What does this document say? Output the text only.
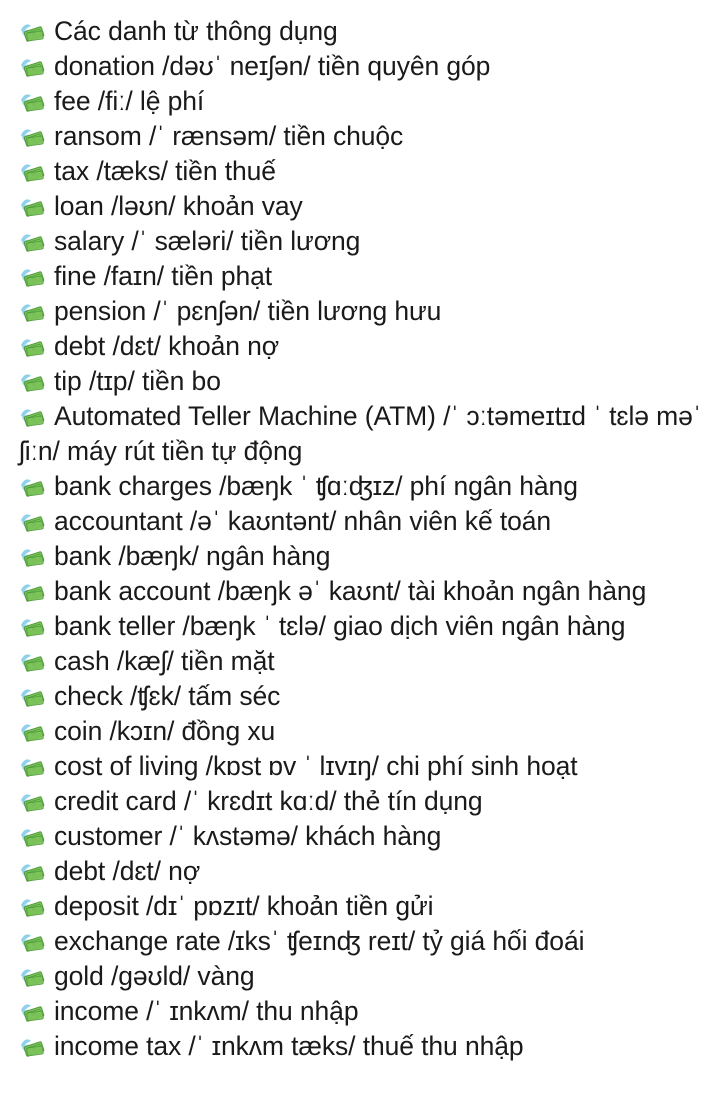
Các danh từ thông dụng
donation /dəʊˈ neɪʃən/ tiền quyên góp
fee /fiː/ lệ phí
ransom /ˈ rænsəm/ tiền chuộc
tax /tæks/ tiền thuế
loan /ləʊn/ khoản vay
salary /ˈ sæləri/ tiền lương
fine /faɪn/ tiền phạt
pension /ˈ pɛnʃən/ tiền lương hưu
debt /dɛt/ khoản nợ
tip /tɪp/ tiền bo
Automated Teller Machine (ATM) /ˈ ɔːtəmeɪtɪd ˈ tɛlə məˈ ʃiːn/ máy rút tiền tự động
bank charges /bæŋk ˈ ʧɑːʤɪz/ phí ngân hàng
accountant /əˈ kaʊntənt/ nhân viên kế toán
bank /bæŋk/ ngân hàng
bank account /bæŋk əˈ kaʊnt/ tài khoản ngân hàng
bank teller /bæŋk ˈ tɛlə/ giao dịch viên ngân hàng
cash /kæʃ/ tiền mặt
check /ʧɛk/ tấm séc
coin /kɔɪn/ đồng xu
cost of living /kɒst ɒv ˈ lɪvɪŋ/ chi phí sinh hoạt
credit card /ˈ krɛdɪt kɑːd/ thẻ tín dụng
customer /ˈ kʌstəmə/ khách hàng
debt /dɛt/ nợ
deposit /dɪˈ pɒzɪt/ khoản tiền gửi
exchange rate /ɪksˈ ʧeɪnʤ reɪt/ tỷ giá hối đoái
gold /gəʊld/ vàng
income /ˈ ɪnkʌm/ thu nhập
income tax /ˈ ɪnkʌm tæks/ thuế thu nhập
